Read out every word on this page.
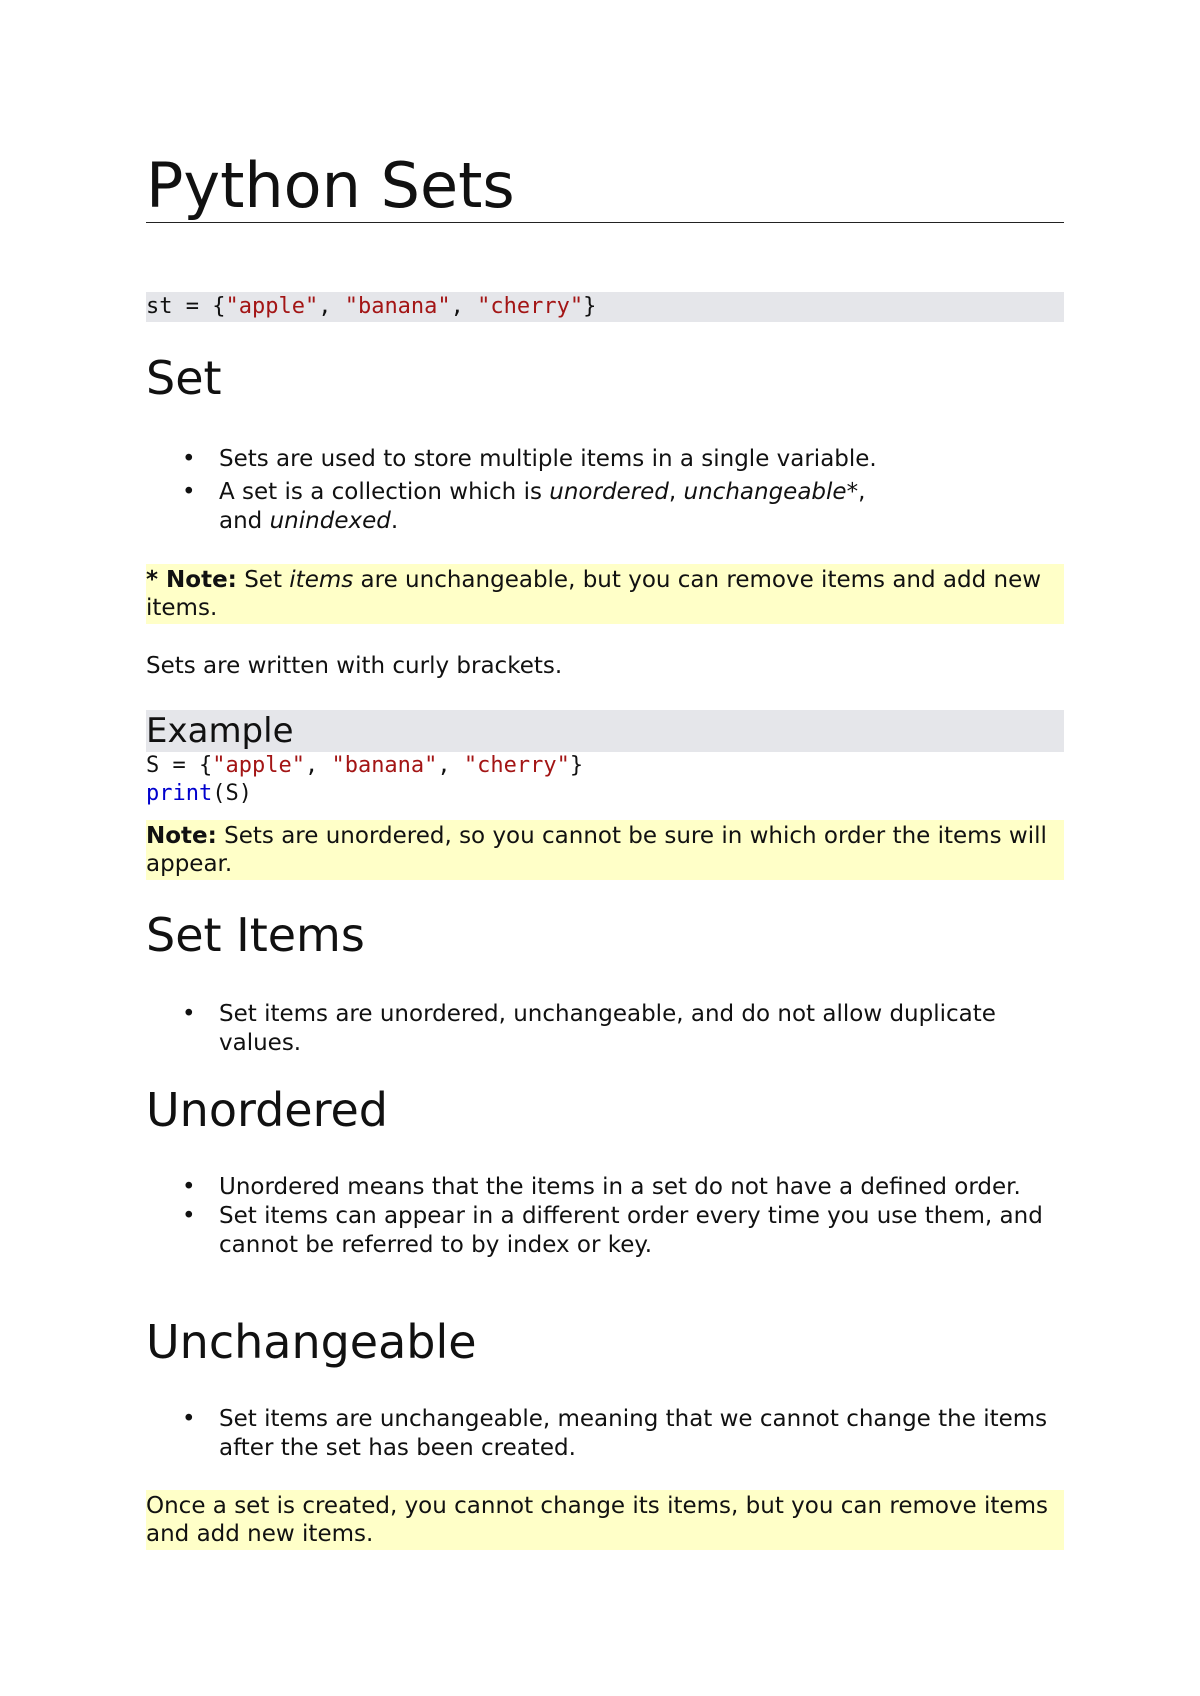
Python Sets
st = {"apple", "banana", "cherry"}
Set
• Sets are used to store multiple items in a single variable.
• A set is a collection which is unordered, unchangeable*,
and unindexed.
* Note: Set items are unchangeable, but you can remove items and add new items.
Sets are written with curly brackets.
Example
S = {"apple", "banana", "cherry"}
print(S)
Note: Sets are unordered, so you cannot be sure in which order the items will appear.
Set Items
• Set items are unordered, unchangeable, and do not allow duplicate values.
Unordered
• Unordered means that the items in a set do not have a defined order.
• Set items can appear in a different order every time you use them, and cannot be referred to by index or key.
Unchangeable
• Set items are unchangeable, meaning that we cannot change the items after the set has been created.
Once a set is created, you cannot change its items, but you can remove items and add new items.
